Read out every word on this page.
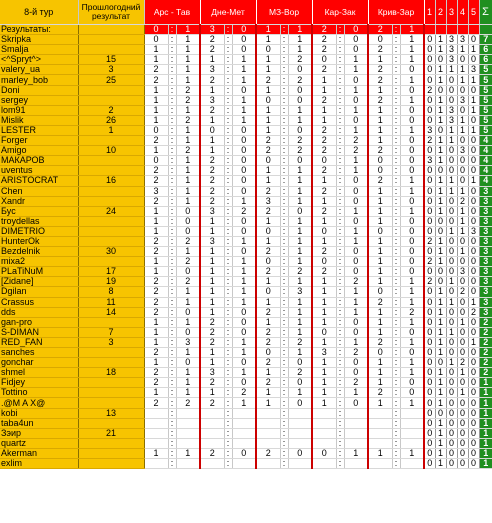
8-й тур	Прошлогодний результат	Арс - Тав			Дне-Мет			МЗ-Вор			Кар-Зак			Крив-Зар			1	2	3	4	5	Σ
Результаты:		0	:	1	3	:	0	1	:	1	2	:	0	2	:	1						
Skripka		0	:	1	2	:	0	1	:	1	2	:	0	0	:	1	0	1	3	3	0	7
Smalja		1	:	1	2	:	0	0	:	1	2	:	0	2	:	1	0	1	3	1	1	6
<^Spryt^>	15	1	:	1	1	:	1	1	:	2	0	:	1	1	:	1	0	0	3	0	0	6
valery_ua	3	2	:	1	3	:	1	1	:	0	2	:	1	2	:	0	0	1	1	1	3	5
marley_bob	25	2	:	1	2	:	1	2	:	2	1	:	0	2	:	1	0	1	0	1	1	5
Doni		1	:	2	1	:	0	1	:	0	1	:	1	1	:	0	2	0	0	0	0	5
sergey		1	:	2	3	:	1	0	:	0	2	:	0	2	:	1	0	1	0	3	1	5
lom91	2	1	:	1	2	:	1	1	:	1	1	:	1	1	:	0	0	1	3	0	1	5
Mislik	26	1	:	2	1	:	1	1	:	1	1	:	0	1	:	0	0	1	3	1	0	5
LESTER	1	0	:	1	0	:	0	1	:	0	2	:	1	1	:	1	3	0	1	1	1	5
Forger		2	:	1	1	:	0	2	:	2	2	:	2	1	:	0	2	1	1	0	0	4
Amigo	10	1	:	2	1	:	0	2	:	2	2	:	2	2	:	0	0	1	0	3	0	4
МАКАРОВ		0	:	1	2	:	0	0	:	0	0	:	1	0	:	0	3	1	0	0	0	4
uventus		2	:	1	2	:	0	1	:	1	2	:	1	0	:	0	0	0	0	0	0	4
ARISTOCRAT	16	2	:	1	2	:	0	1	:	1	1	:	0	2	:	1	0	1	1	0	1	4
Chen		3	:	1	2	:	0	2	:	1	2	:	0	1	:	1	0	1	1	1	0	3
Xandr		2	:	1	2	:	1	3	:	1	1	:	0	1	:	0	0	1	0	2	0	3
Буc	24	1	:	0	3	:	2	2	:	0	2	:	1	1	:	1	0	1	0	1	0	3
troydellas		1	:	0	1	:	0	1	:	1	1	:	0	1	:	0	0	0	0	1	0	3
DIMETRIO		1	:	0	1	:	0	0	:	1	0	:	1	0	:	0	0	0	1	1	3	3
HunterOk		2	:	2	3	:	1	1	:	1	1	:	1	1	:	0	2	1	0	0	0	3
Bezdelnik	30	2	:	1	1	:	0	2	:	1	2	:	0	1	:	0	0	1	0	1	0	3
mixa2		1	:	2	1	:	1	0	:	1	0	:	0	1	:	0	2	1	0	0	0	3
PLaTiNuM	17	1	:	0	1	:	1	2	:	2	2	:	0	1	:	0	0	0	0	3	0	3
[Zidane]	19	2	:	2	1	:	1	1	:	1	1	:	2	1	:	1	2	0	1	0	0	3
Dgilan	8	2	:	1	1	:	1	0	:	3	1	:	1	0	:	1	0	1	0	2	0	3
Crassus	11	2	:	1	1	:	1	1	:	1	1	:	1	2	:	1	0	1	1	0	1	3
dds	14	2	:	0	1	:	0	2	:	1	1	:	1	1	:	2	0	1	0	0	2	3
gan-pro		1	:	1	2	:	0	1	:	1	1	:	0	1	:	1	0	1	0	1	0	2
S-DIMAN	7	1	:	0	2	:	0	2	:	1	0	:	0	1	:	0	0	1	1	0	0	2
RED_FAN	3	1	:	3	2	:	1	2	:	2	1	:	1	2	:	1	0	1	0	0	1	2
sanches		2	:	1	1	:	1	0	:	1	3	:	2	0	:	0	0	1	0	0	0	2
gonchar		1	:	0	1	:	0	2	:	0	1	:	0	1	:	1	0	0	1	2	0	2
shmel	18	2	:	1	3	:	1	1	:	2	1	:	0	1	:	1	0	1	0	1	0	2
Fidjey		2	:	1	2	:	0	2	:	0	1	:	2	1	:	0	0	1	0	0	0	1
Tottino		1	:	1	1	:	2	1	:	1	1	:	1	2	:	0	0	1	0	1	0	1
.@M A X@		2	:	2	2	:	1	1	:	0	1	:	0	1	:	1	0	1	0	0	0	1
kobi	13		:			:			:			:			:		0	0	0	0	0	1
taba4un			:			:			:			:			:		0	1	0	0	0	1
Зэир	21		:			:			:			:			:		0	1	0	0	0	1
quartz			:			:			:			:			:		0	1	0	0	0	1
Akerman		1	:	1	2	:	0	2	:	0	0	:	1	1	:	1	0	1	0	0	0	1
exlim			:			:			:			:			:		0	1	0	0	0	1
